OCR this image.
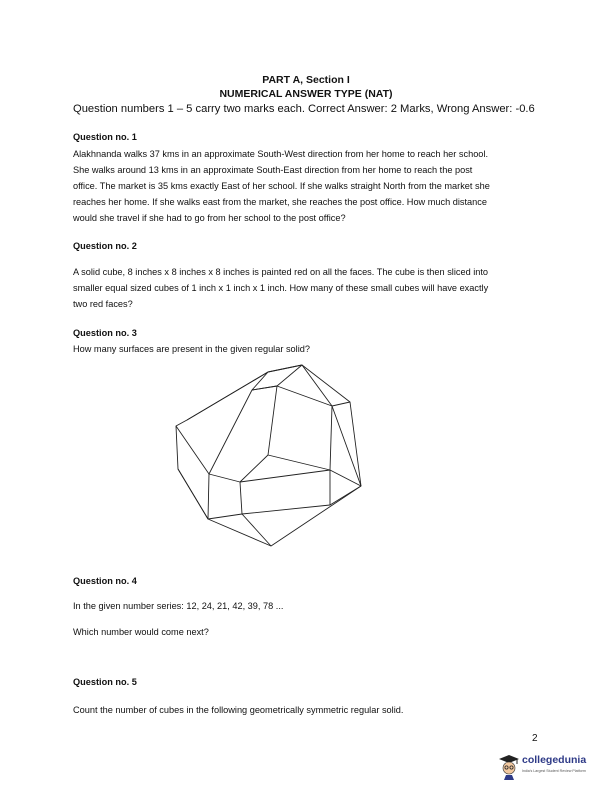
PART A, Section I
NUMERICAL ANSWER TYPE (NAT)
Question numbers 1 – 5 carry two marks each. Correct Answer: 2 Marks, Wrong Answer: -0.6
Question no. 1
Alakhnanda walks 37 kms in an approximate South-West direction from her home to reach her school.
She walks around 13 kms in an approximate South-East direction from her home to reach the post
office. The market is 35 kms exactly East of her school. If she walks straight North from the market she
reaches her home. If she walks east from the market, she reaches the post office. How much distance
would she travel if she had to go from her school to the post office?
Question no. 2
A solid cube, 8 inches x 8 inches x 8 inches is painted red on all the faces. The cube is then sliced into
smaller equal sized cubes of 1 inch x 1 inch x 1 inch. How many of these small cubes will have exactly
two red faces?
Question no. 3
How many surfaces are present in the given regular solid?
Question no. 4
In the given number series: 12, 24, 21, 42, 39, 78 ...
Which number would come next?
Question no. 5
Count the number of cubes in the following geometrically symmetric regular solid.
2
collegedunia
India's Largest Student Review Platform
